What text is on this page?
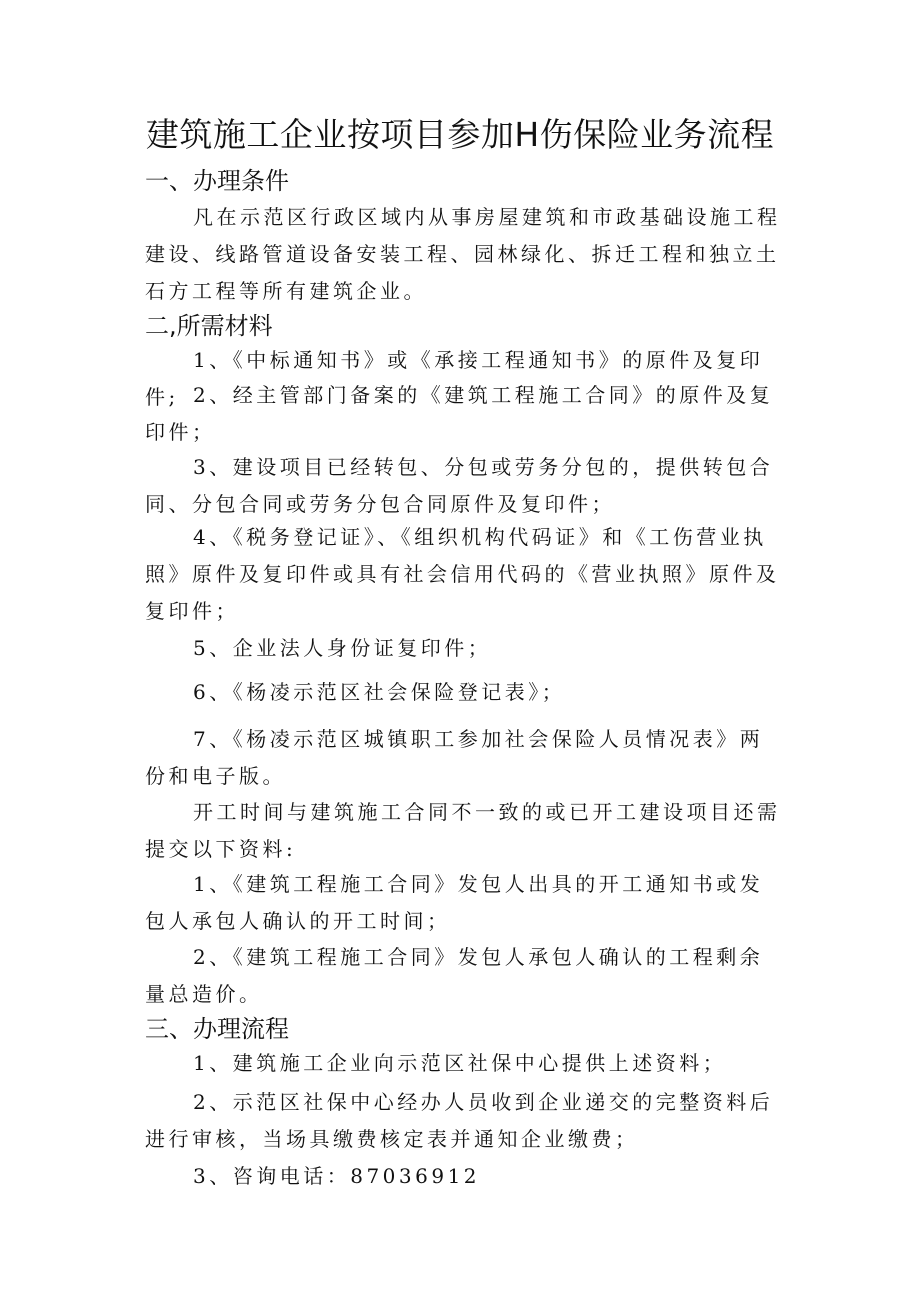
建筑施工企业按项目参加H伤保险业务流程
一、办理条件

凡在示范区行政区域内从事房屋建筑和市政基础设施工程建设、线路管道设备安装工程、园林绿化、拆迁工程和独立土石方工程等所有建筑企业。

二,所需材料

1、《中标通知书》或《承接工程通知书》的原件及复印件; 2、经主管部门备案的《建筑工程施工合同》的原件及复印件；

3、建设项目已经转包、分包或劳务分包的，提供转包合同、分包合同或劳务分包合同原件及复印件；

4、《税务登记证》、《组织机构代码证》和《工伤营业执照》原件及复印件或具有社会信用代码的《营业执照》原件及复印件；

5、企业法人身份证复印件；

6、《杨凌示范区社会保险登记表》；

7、《杨凌示范区城镇职工参加社会保险人员情况表》两份和电子版。

开工时间与建筑施工合同不一致的或已开工建设项目还需提交以下资料:

1、《建筑工程施工合同》发包人出具的开工通知书或发包人承包人确认的开工时间；

2、《建筑工程施工合同》发包人承包人确认的工程剩余量总造价。

三、办理流程

1、建筑施工企业向示范区社保中心提供上述资料；

2、示范区社保中心经办人员收到企业递交的完整资料后进行审核，当场具缴费核定表并通知企业缴费；

3、咨询电话：87036912
